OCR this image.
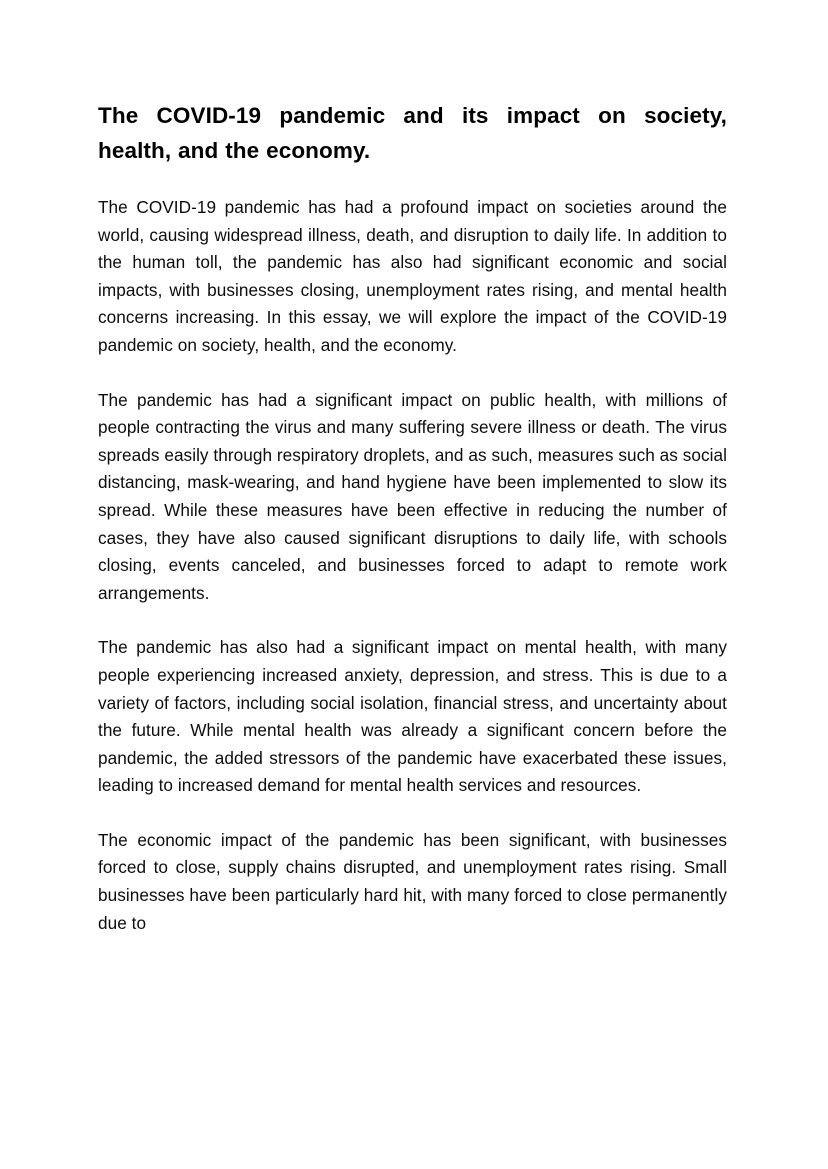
The COVID-19 pandemic and its impact on society, health, and the economy.

The COVID-19 pandemic has had a profound impact on societies around the world, causing widespread illness, death, and disruption to daily life. In addition to the human toll, the pandemic has also had significant economic and social impacts, with businesses closing, unemployment rates rising, and mental health concerns increasing. In this essay, we will explore the impact of the COVID-19 pandemic on society, health, and the economy.

The pandemic has had a significant impact on public health, with millions of people contracting the virus and many suffering severe illness or death. The virus spreads easily through respiratory droplets, and as such, measures such as social distancing, mask-wearing, and hand hygiene have been implemented to slow its spread. While these measures have been effective in reducing the number of cases, they have also caused significant disruptions to daily life, with schools closing, events canceled, and businesses forced to adapt to remote work arrangements.

The pandemic has also had a significant impact on mental health, with many people experiencing increased anxiety, depression, and stress. This is due to a variety of factors, including social isolation, financial stress, and uncertainty about the future. While mental health was already a significant concern before the pandemic, the added stressors of the pandemic have exacerbated these issues, leading to increased demand for mental health services and resources.

The economic impact of the pandemic has been significant, with businesses forced to close, supply chains disrupted, and unemployment rates rising. Small businesses have been particularly hard hit, with many forced to close permanently due to
